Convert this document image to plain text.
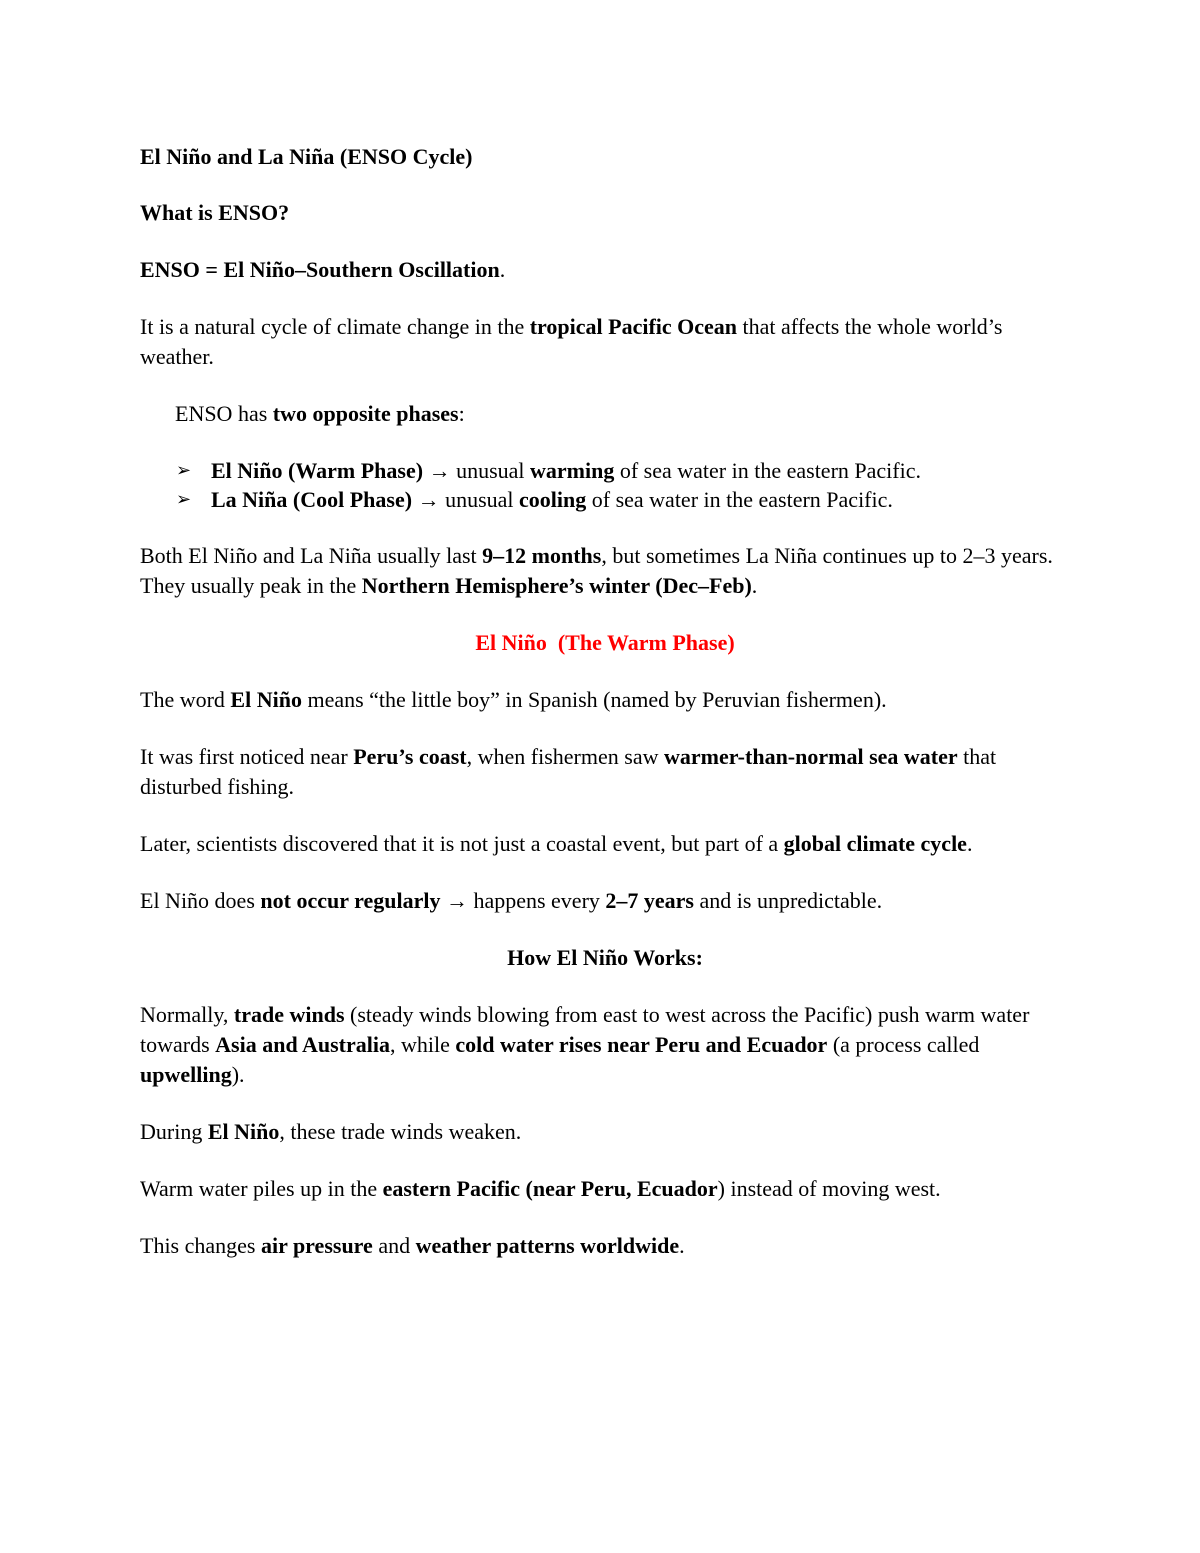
El Niño and La Niña (ENSO Cycle)

What is ENSO?

ENSO = El Niño–Southern Oscillation.

It is a natural cycle of climate change in the tropical Pacific Ocean that affects the whole world’s weather.

ENSO has two opposite phases:

➢ El Niño (Warm Phase) → unusual warming of sea water in the eastern Pacific.
➢ La Niña (Cool Phase) → unusual cooling of sea water in the eastern Pacific.

Both El Niño and La Niña usually last 9–12 months, but sometimes La Niña continues up to 2–3 years. They usually peak in the Northern Hemisphere’s winter (Dec–Feb).

El Niño  (The Warm Phase)

The word El Niño means “the little boy” in Spanish (named by Peruvian fishermen).

It was first noticed near Peru’s coast, when fishermen saw warmer-than-normal sea water that disturbed fishing.

Later, scientists discovered that it is not just a coastal event, but part of a global climate cycle.

El Niño does not occur regularly → happens every 2–7 years and is unpredictable.

How El Niño Works:

Normally, trade winds (steady winds blowing from east to west across the Pacific) push warm water towards Asia and Australia, while cold water rises near Peru and Ecuador (a process called upwelling).

During El Niño, these trade winds weaken.

Warm water piles up in the eastern Pacific (near Peru, Ecuador) instead of moving west.

This changes air pressure and weather patterns worldwide.
